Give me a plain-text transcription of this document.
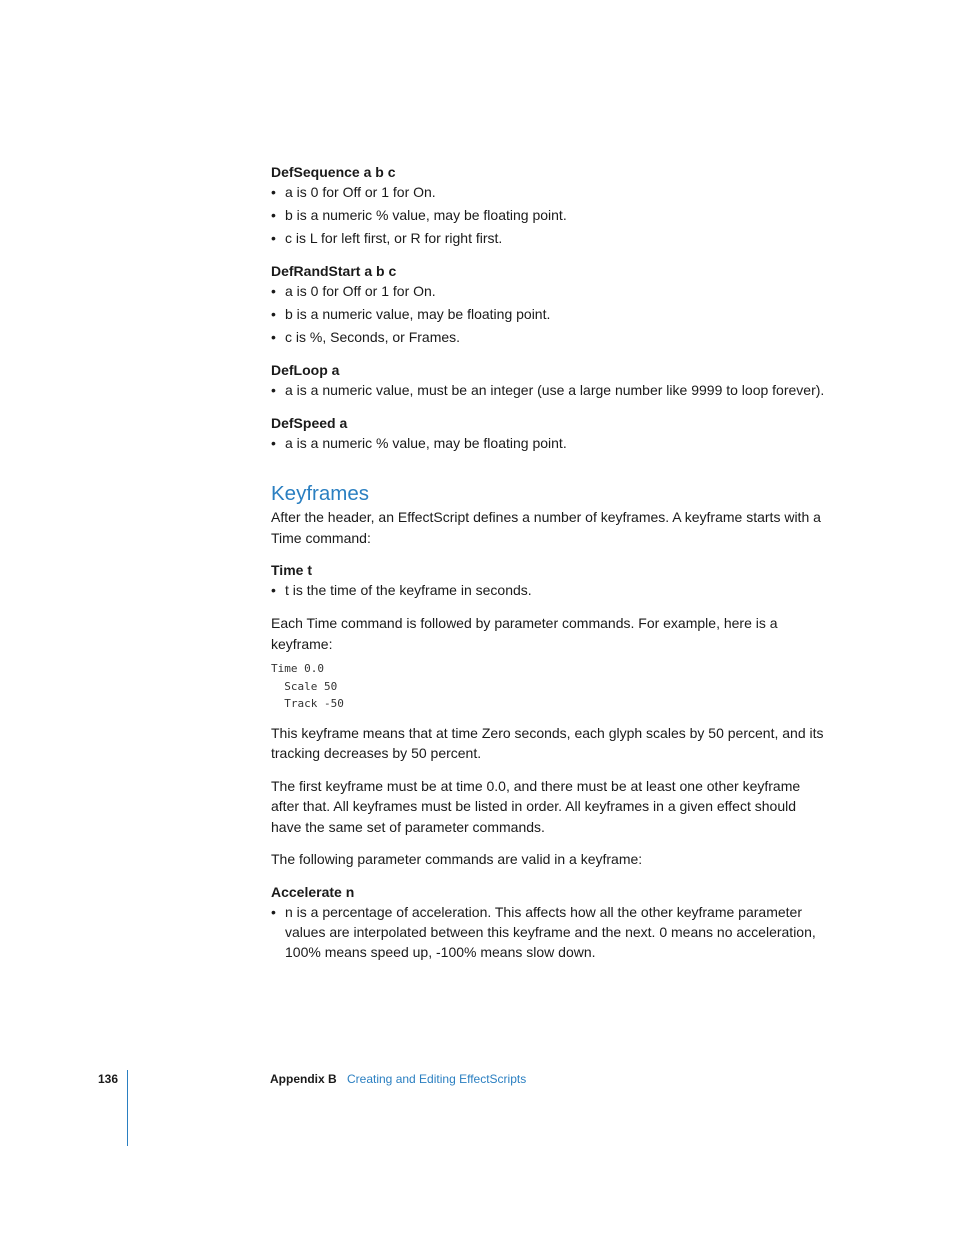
DefSequence a b c

• a is 0 for Off or 1 for On.
• b is a numeric % value, may be floating point.
• c is L for left first, or R for right first.

DefRandStart a b c

• a is 0 for Off or 1 for On.
• b is a numeric value, may be floating point.
• c is %, Seconds, or Frames.

DefLoop a

• a is a numeric value, must be an integer (use a large number like 9999 to loop forever).

DefSpeed a

• a is a numeric % value, may be floating point.
Keyframes

After the header, an EffectScript defines a number of keyframes. A keyframe starts with a Time command:

Time t

• t is the time of the keyframe in seconds.

Each Time command is followed by parameter commands. For example, here is a keyframe:

Time 0.0
Scale 50
Track -50

This keyframe means that at time Zero seconds, each glyph scales by 50 percent, and its tracking decreases by 50 percent.

The first keyframe must be at time 0.0, and there must be at least one other keyframe after that. All keyframes must be listed in order. All keyframes in a given effect should have the same set of parameter commands.

The following parameter commands are valid in a keyframe:

Accelerate n

• n is a percentage of acceleration. This affects how all the other keyframe parameter values are interpolated between this keyframe and the next. 0 means no acceleration, 100% means speed up, -100% means slow down.
136	Appendix B Creating and Editing EffectScripts
